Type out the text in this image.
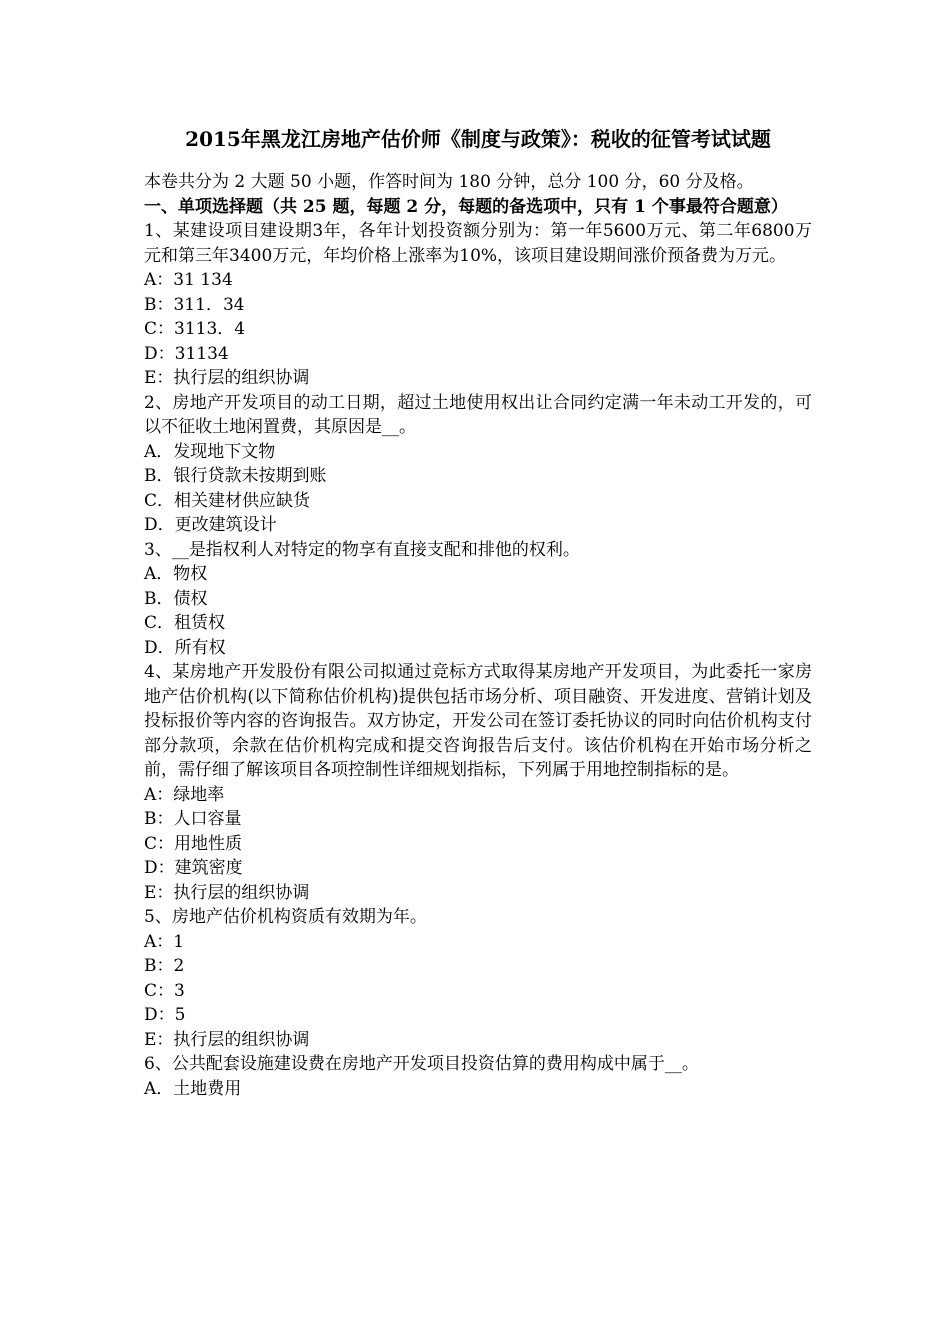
2015年黑龙江房地产估价师《制度与政策》：税收的征管考试试题

本卷共分为 2 大题 50 小题，作答时间为 180 分钟，总分 100 分，60 分及格。

一、单项选择题（共 25 题，每题 2 分，每题的备选项中，只有 1 个事最符合题意）

1、某建设项目建设期3年，各年计划投资额分别为：第一年5600万元、第二年6800万元和第三年3400万元，年均价格上涨率为10%，该项目建设期间涨价预备费为万元。

A：31 134

B：311．34

C：3113．4

D：31134

E：执行层的组织协调

2、房地产开发项目的动工日期，超过土地使用权出让合同约定满一年未动工开发的，可以不征收土地闲置费，其原因是__。

A．发现地下文物

B．银行贷款未按期到账

C．相关建材供应缺货

D．更改建筑设计

3、__是指权利人对特定的物享有直接支配和排他的权利。

A．物权

B．债权

C．租赁权

D．所有权

4、某房地产开发股份有限公司拟通过竞标方式取得某房地产开发项目，为此委托一家房地产估价机构(以下简称估价机构)提供包括市场分析、项目融资、开发进度、营销计划及投标报价等内容的咨询报告。双方协定，开发公司在签订委托协议的同时向估价机构支付部分款项，余款在估价机构完成和提交咨询报告后支付。该估价机构在开始市场分析之前，需仔细了解该项目各项控制性详细规划指标，下列属于用地控制指标的是。

A：绿地率

B：人口容量

C：用地性质

D：建筑密度

E：执行层的组织协调

5、房地产估价机构资质有效期为年。

A：1

B：2

C：3

D：5

E：执行层的组织协调

6、公共配套设施建设费在房地产开发项目投资估算的费用构成中属于__。

A．土地费用
